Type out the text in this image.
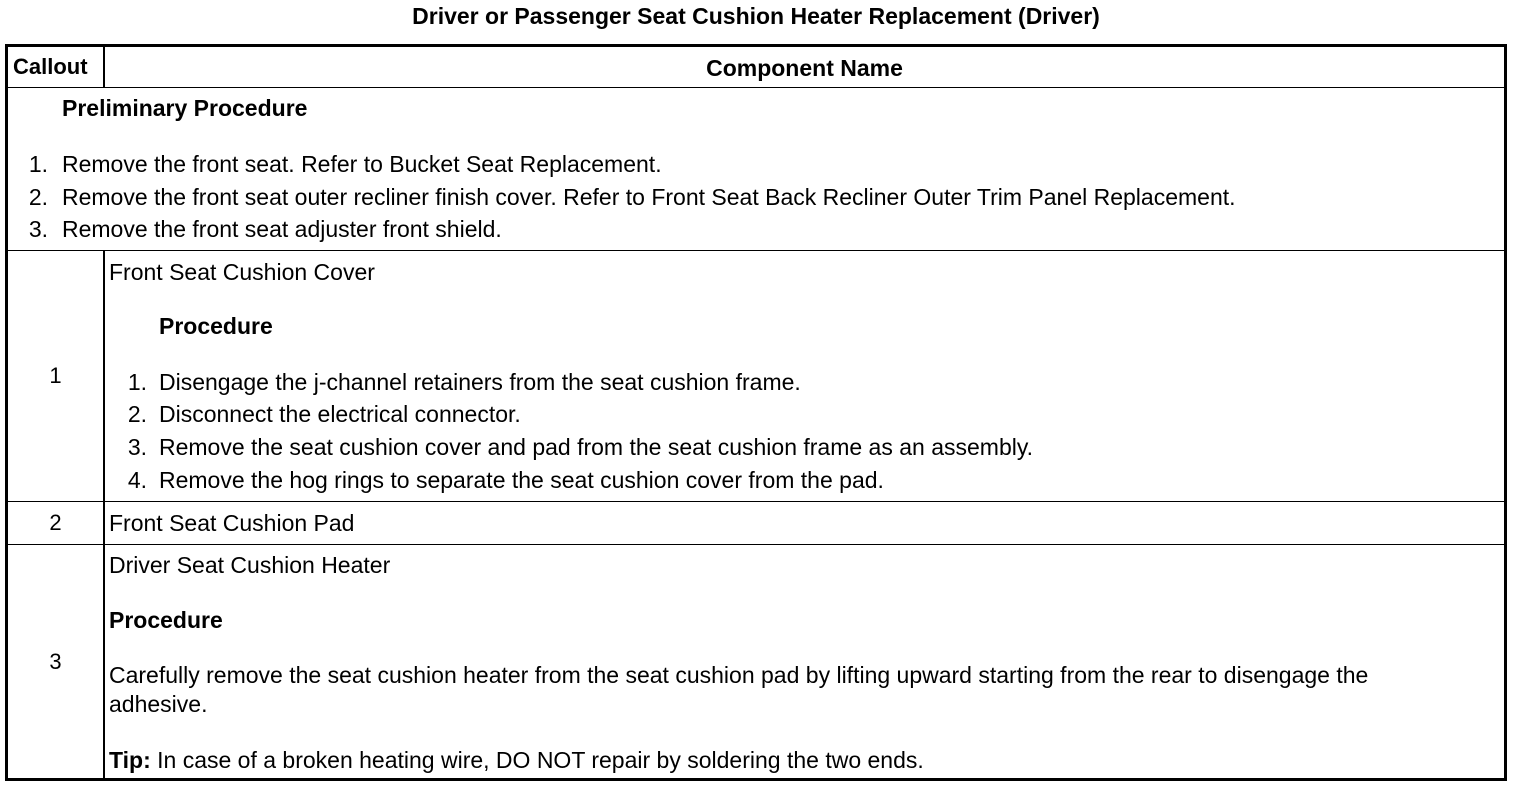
Driver or Passenger Seat Cushion Heater Replacement (Driver)
Callout	Component Name
Preliminary Procedure
1. Remove the front seat. Refer to Bucket Seat Replacement.
2. Remove the front seat outer recliner finish cover. Refer to Front Seat Back Recliner Outer Trim Panel Replacement.
3. Remove the front seat adjuster front shield.
1
Front Seat Cushion Cover
Procedure
1. Disengage the j-channel retainers from the seat cushion frame.
2. Disconnect the electrical connector.
3. Remove the seat cushion cover and pad from the seat cushion frame as an assembly.
4. Remove the hog rings to separate the seat cushion cover from the pad.
2	Front Seat Cushion Pad
3
Driver Seat Cushion Heater
Procedure
Carefully remove the seat cushion heater from the seat cushion pad by lifting upward starting from the rear to disengage the
adhesive.
Tip: In case of a broken heating wire, DO NOT repair by soldering the two ends.
